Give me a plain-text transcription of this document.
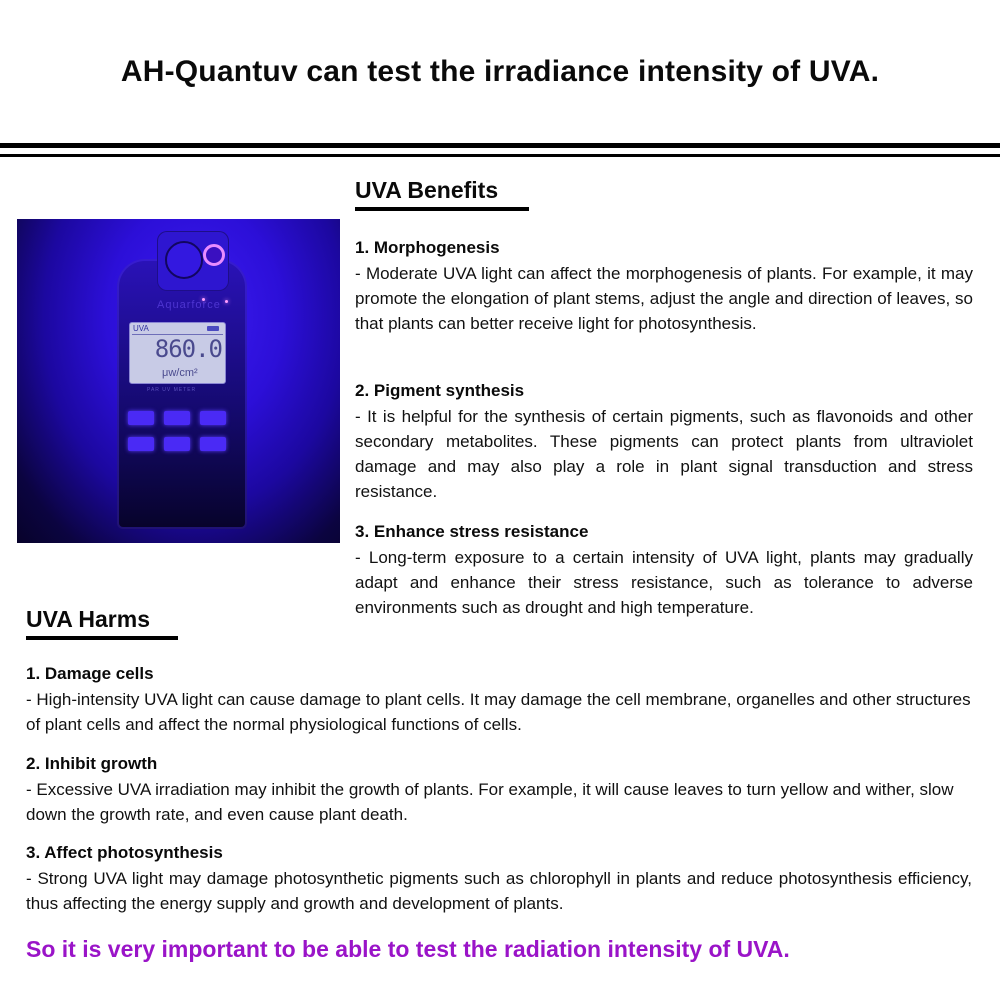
AH-Quantuv can test the irradiance intensity of UVA.
Aquarforce
UVA
860.0
μw/cm²
PAR UV METER
UVA Benefits
1. Morphogenesis
- Moderate UVA light can affect the morphogenesis of plants. For example, it may promote the elongation of plant stems, adjust the angle and direction of leaves, so that plants can better receive light for photosynthesis.
2. Pigment synthesis
- It is helpful for the synthesis of certain pigments, such as flavonoids and other secondary metabolites. These pigments can protect plants from ultraviolet damage and may also play a role in plant signal transduction and stress resistance.
3. Enhance stress resistance
- Long-term exposure to a certain intensity of UVA light, plants may gradually adapt and enhance their stress resistance, such as tolerance to adverse environments such as drought and high temperature.
UVA Harms
1. Damage cells
- High-intensity UVA light can cause damage to plant cells. It may damage the cell membrane, organelles and other structures of plant cells and affect the normal physiological functions of cells.
2. Inhibit growth
- Excessive UVA irradiation may inhibit the growth of plants. For example, it will cause leaves to turn yellow and wither, slow down the growth rate, and even cause plant death.
3. Affect photosynthesis
- Strong UVA light may damage photosynthetic pigments such as chlorophyll in plants and reduce photosynthesis efficiency, thus affecting the energy supply and growth and development of plants.
So it is very important to be able to test the radiation intensity of UVA.
